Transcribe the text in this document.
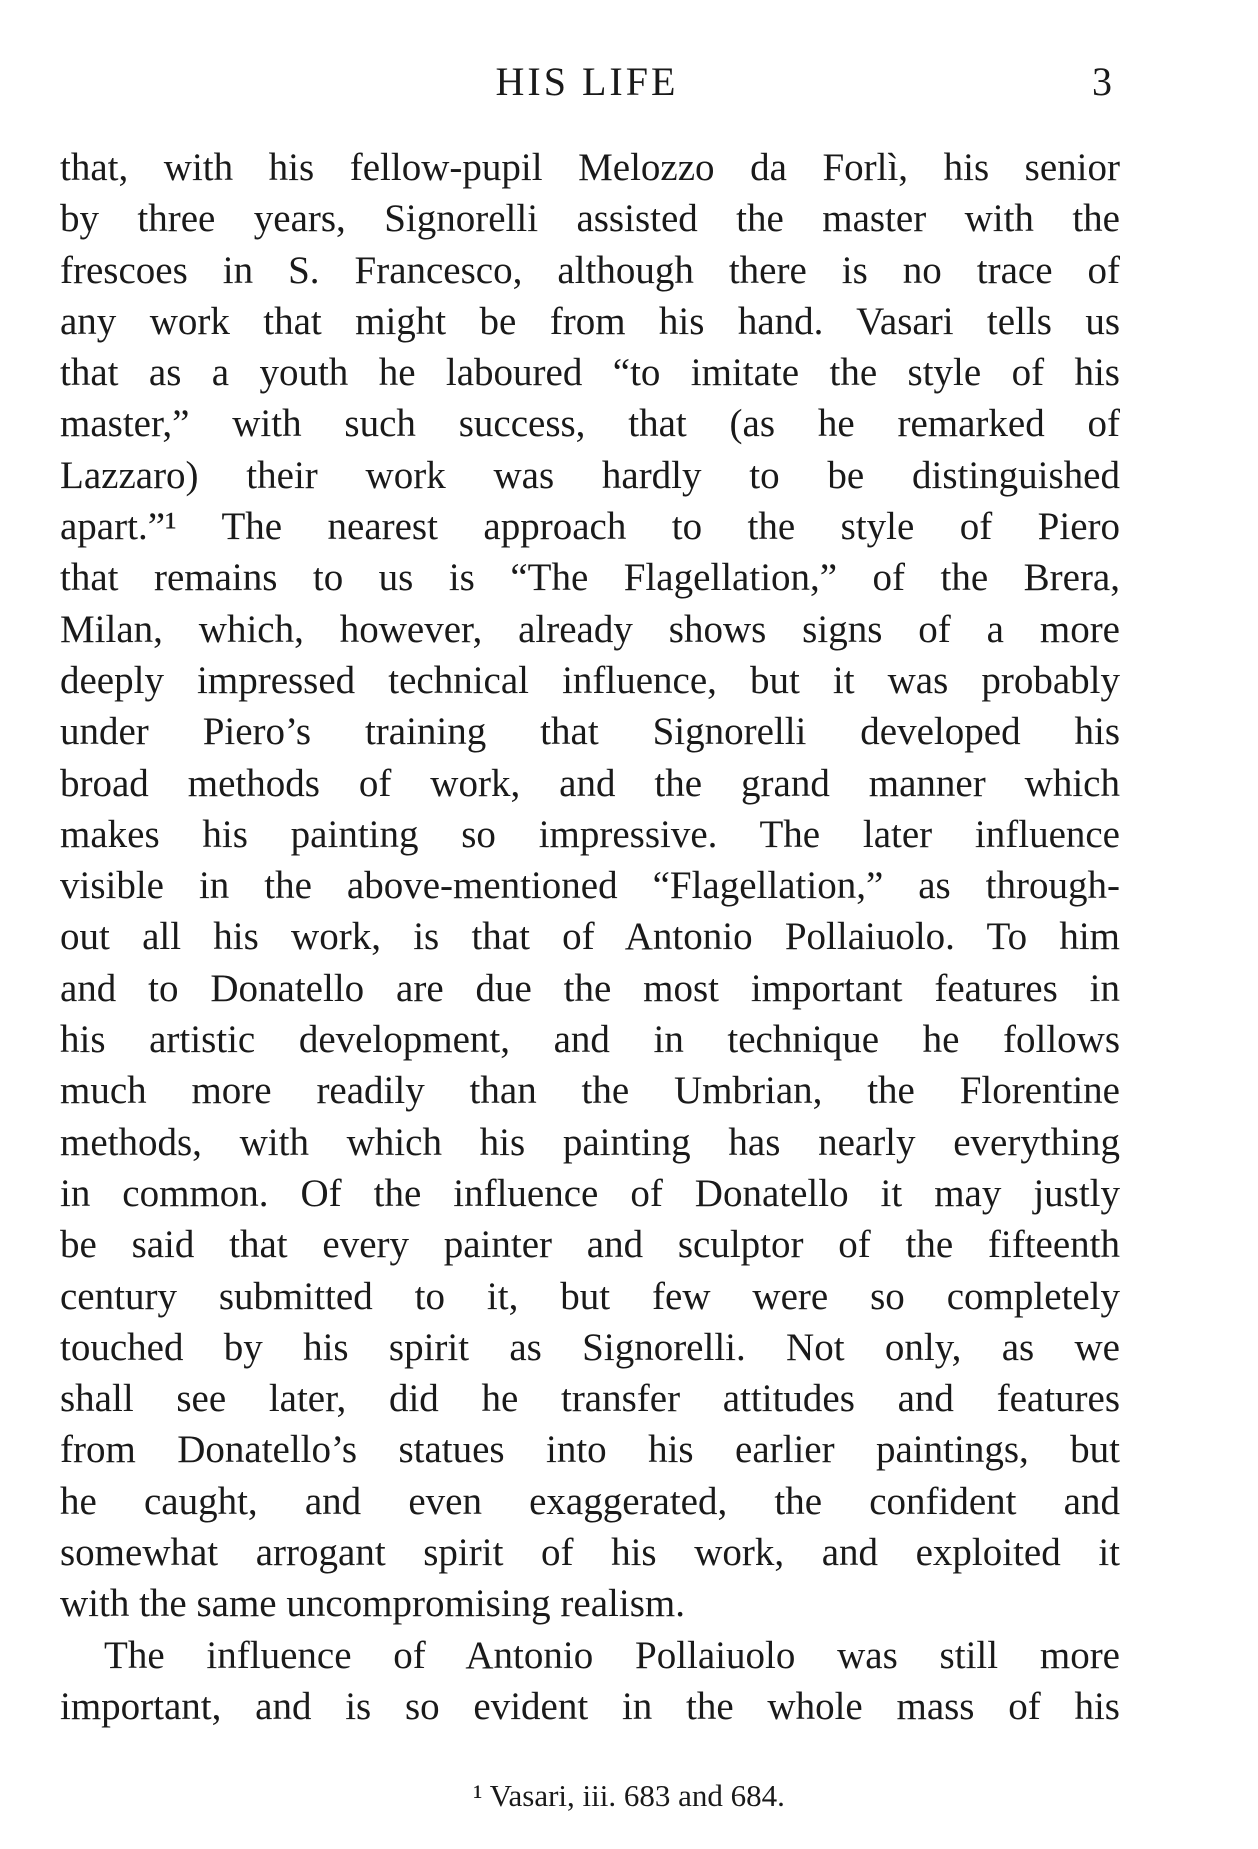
HIS LIFE	3
that, with his fellow-pupil Melozzo da Forlì, his senior
by three years, Signorelli assisted the master with the
frescoes in S. Francesco, although there is no trace of
any work that might be from his hand. Vasari tells us
that as a youth he laboured “to imitate the style of his
master,” with such success, that (as he remarked of
Lazzaro) their work was hardly to be distinguished
apart.”¹ The nearest approach to the style of Piero
that remains to us is “The Flagellation,” of the Brera,
Milan, which, however, already shows signs of a more
deeply impressed technical influence, but it was probably
under Piero’s training that Signorelli developed his
broad methods of work, and the grand manner which
makes his painting so impressive. The later influence
visible in the above-mentioned “Flagellation,” as through-
out all his work, is that of Antonio Pollaiuolo. To him
and to Donatello are due the most important features in
his artistic development, and in technique he follows
much more readily than the Umbrian, the Florentine
methods, with which his painting has nearly everything
in common. Of the influence of Donatello it may justly
be said that every painter and sculptor of the fifteenth
century submitted to it, but few were so completely
touched by his spirit as Signorelli. Not only, as we
shall see later, did he transfer attitudes and features
from Donatello’s statues into his earlier paintings, but
he caught, and even exaggerated, the confident and
somewhat arrogant spirit of his work, and exploited it
with the same uncompromising realism.
The influence of Antonio Pollaiuolo was still more
important, and is so evident in the whole mass of his
¹ Vasari, iii. 683 and 684.
